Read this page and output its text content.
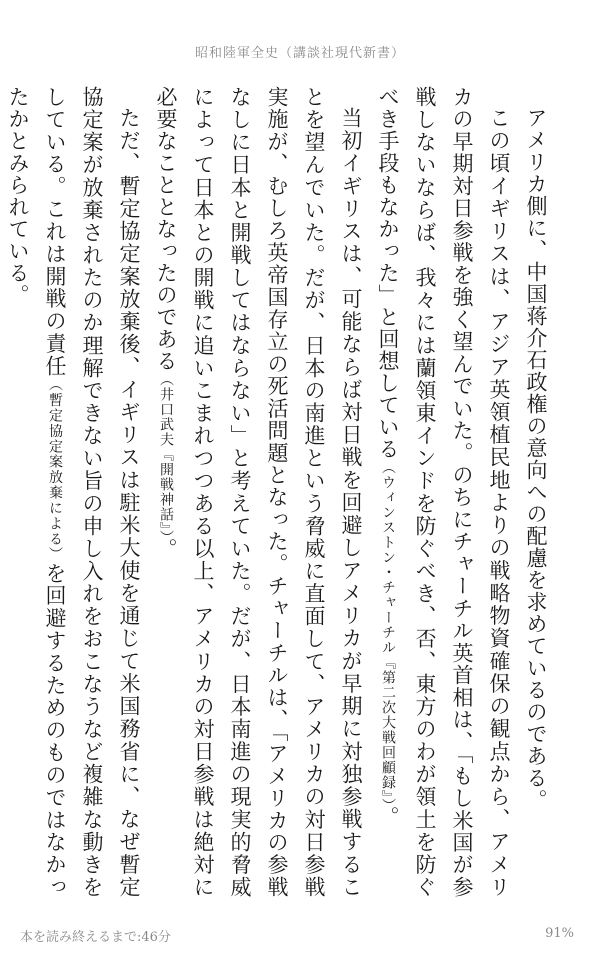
昭和陸軍全史（講談社現代新書）

アメリカ側に、中国蒋介石政権の意向への配慮を求めているのである。

この頃イギリスは、アジア英領植民地よりの戦略物資確保の観点から、アメリカの早期対日参戦を強く望んでいた。のちにチャーチル英首相は、「もし米国が参戦しないならば、我々には蘭領東インドを防ぐべき、否、東方のわが領土を防ぐべき手段もなかった」と回想している（ウィンストン・チャーチル『第二次大戦回顧録』）。

当初イギリスは、可能ならば対日戦を回避しアメリカが早期に対独参戦することを望んでいた。だが、日本の南進という脅威に直面して、アメリカの対日参戦実施が、むしろ英帝国存立の死活問題となった。チャーチルは、「アメリカの参戦なしに日本と開戦してはならない」と考えていた。だが、日本南進の現実的脅威によって日本との開戦に追いこまれつつある以上、アメリカの対日参戦は絶対に必要なこととなったのである（井口武夫『開戦神話』）。

ただ、暫定協定案放棄後、イギリスは駐米大使を通じて米国務省に、なぜ暫定協定案が放棄されたのか理解できない旨の申し入れをおこなうなど複雑な動きをしている。これは開戦の責任（暫定協定案放棄による）を回避するためのものではなかったかとみられている。

本を読み終えるまで:46分	91%
